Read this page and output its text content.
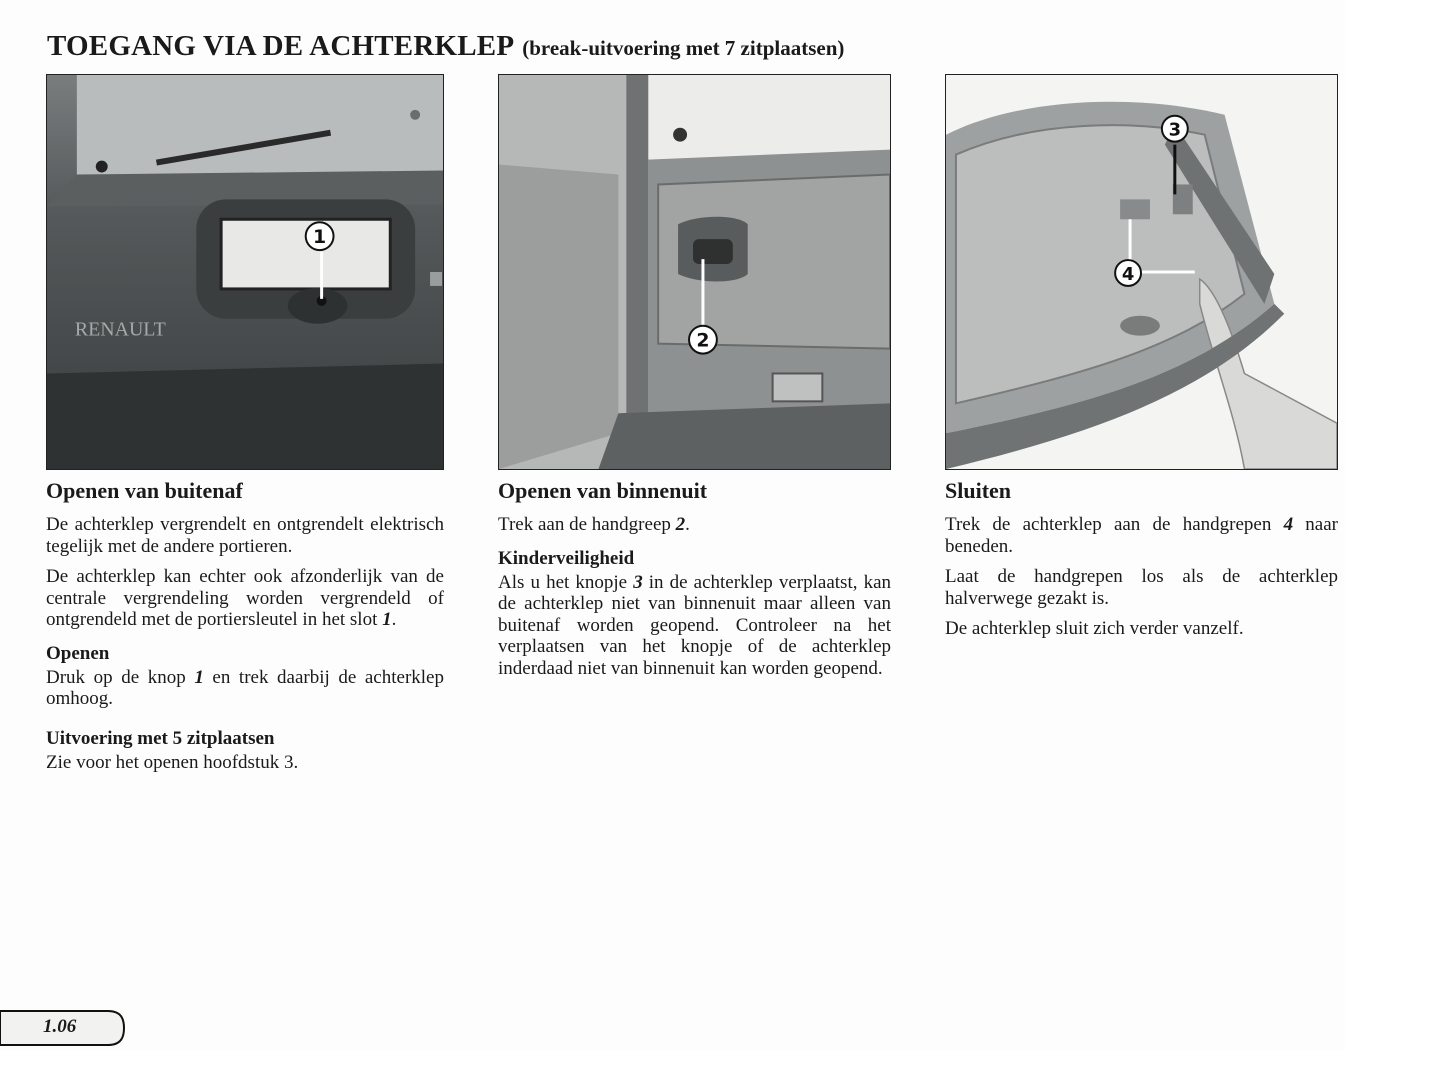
TOEGANG VIA DE ACHTERKLEP (break-uitvoering met 7 zitplaatsen)
RENAULT
1
Openen van buitenaf

De achterklep vergrendelt en ontgrendelt elektrisch tegelijk met de andere portieren.

De achterklep kan echter ook afzonderlijk van de centrale vergrendeling worden vergrendeld of ontgrendeld met de portiersleutel in het slot 1.

Openen

Druk op de knop 1 en trek daarbij de achterklep omhoog.

Uitvoering met 5 zitplaatsen

Zie voor het openen hoofdstuk 3.

2
Openen van binnenuit

Trek aan de handgreep 2.

Kinderveiligheid

Als u het knopje 3 in de achterklep verplaatst, kan de achterklep niet van binnenuit maar alleen van buitenaf worden geopend. Controleer na het verplaatsen van het knopje of de achterklep inderdaad niet van binnenuit kan worden geopend.

3
4
Sluiten

Trek de achterklep aan de handgrepen 4 naar beneden.

Laat de handgrepen los als de achterklep halverwege gezakt is.

De achterklep sluit zich verder vanzelf.

1.06
